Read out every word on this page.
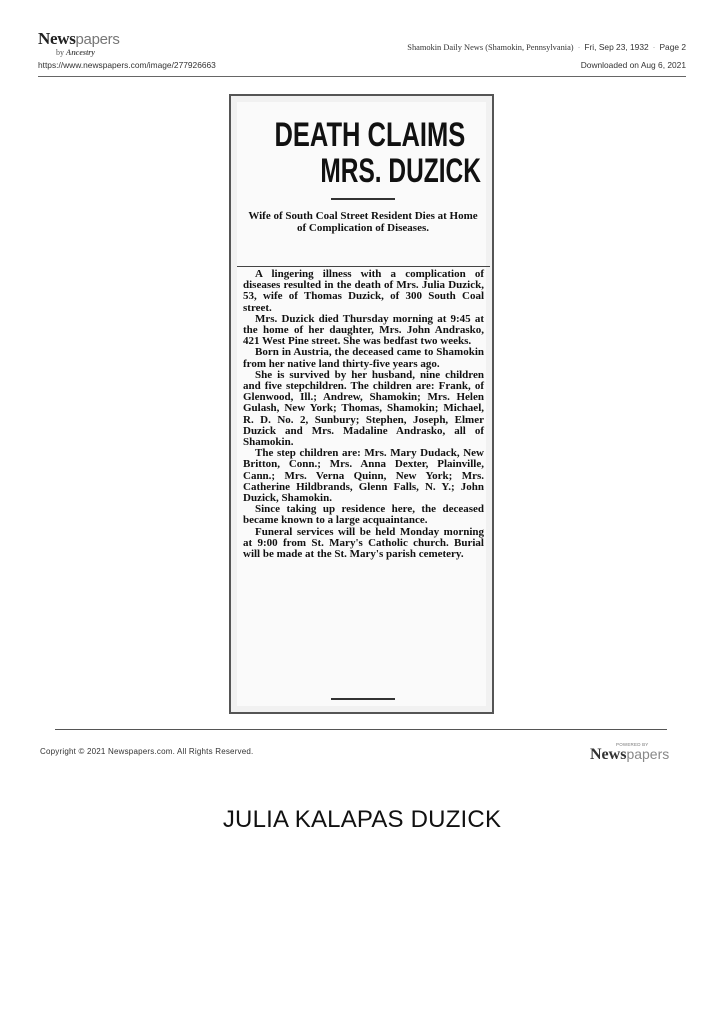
Newspapers
by Ancestry
Shamokin Daily News (Shamokin, Pennsylvania) · Fri, Sep 23, 1932 · Page 2
https://www.newspapers.com/image/277926663	Downloaded on Aug 6, 2021
DEATH CLAIMS
MRS. DUZICK
Wife of South Coal Street Resident Dies at Home of Complication of Diseases.

A lingering illness with a complication of diseases resulted in the death of Mrs. Julia Duzick, 53, wife of Thomas Duzick, of 300 South Coal street.

Mrs. Duzick died Thursday morning at 9:45 at the home of her daughter, Mrs. John Andrasko, 421 West Pine street. She was bedfast two weeks.

Born in Austria, the deceased came to Shamokin from her native land thirty-five years ago.

She is survived by her husband, nine children and five stepchildren. The children are: Frank, of Glenwood, Ill.; Andrew, Shamokin; Mrs. Helen Gulash, New York; Thomas, Shamokin; Michael, R. D. No. 2, Sunbury; Stephen, Joseph, Elmer Duzick and Mrs. Madaline Andrasko, all of Shamokin.

The step children are: Mrs. Mary Dudack, New Britton, Conn.; Mrs. Anna Dexter, Plainville, Cann.; Mrs. Verna Quinn, New York; Mrs. Catherine Hildbrands, Glenn Falls, N. Y.; John Duzick, Shamokin.

Since taking up residence here, the deceased became known to a large acquaintance.

Funeral services will be held Monday morning at 9:00 from St. Mary's Catholic church. Burial will be made at the St. Mary's parish cemetery.

Copyright © 2021 Newspapers.com. All Rights Reserved.
POWERED BY
Newspapers
JULIA KALAPAS DUZICK
